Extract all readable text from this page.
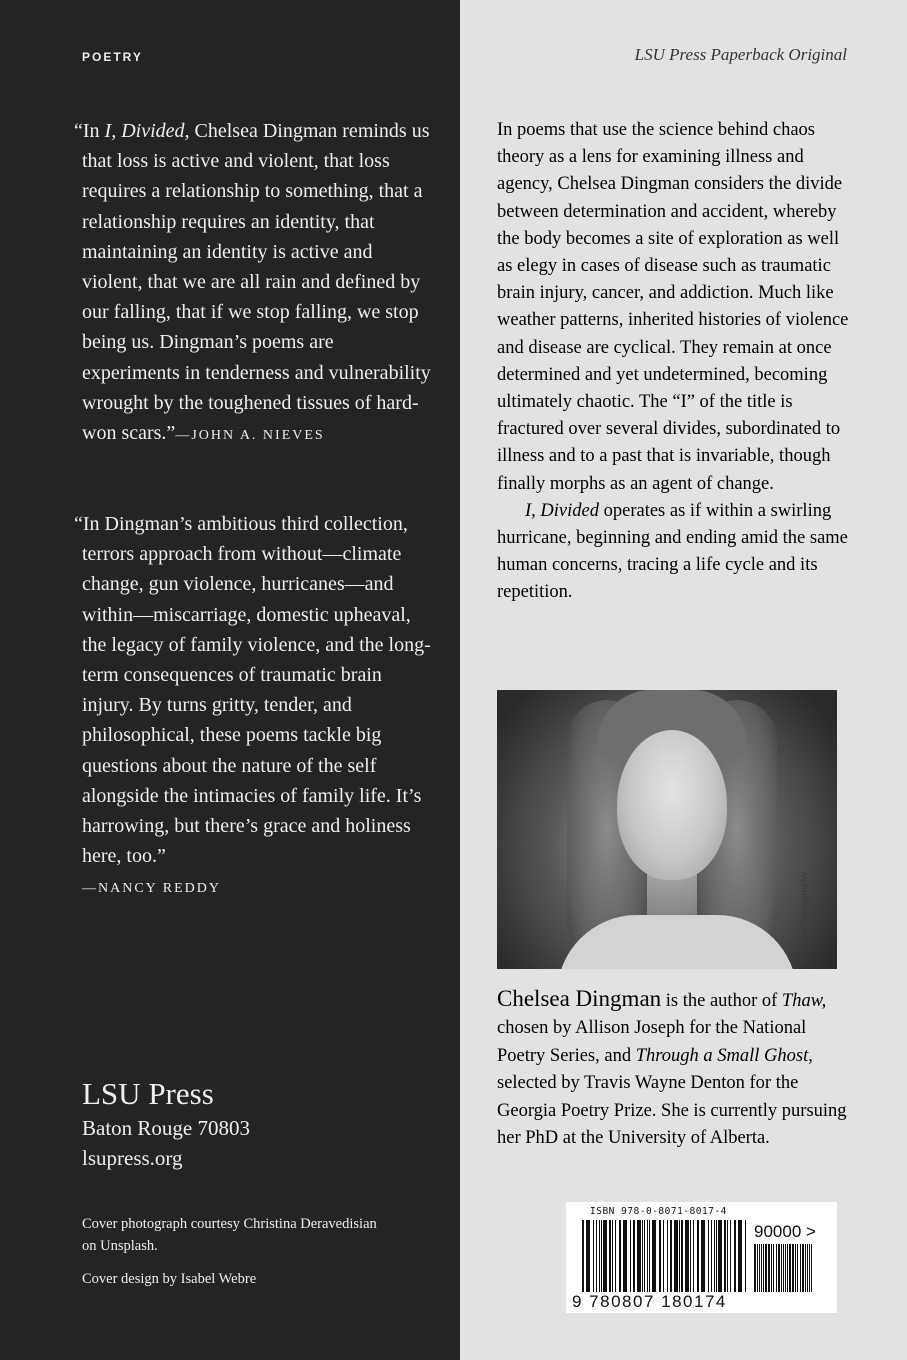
POETRY
“In I, Divided, Chelsea Dingman reminds us that loss is active and violent, that loss requires a relationship to something, that a relationship requires an identity, that maintaining an identity is active and violent, that we are all rain and defined by our falling, that if we stop falling, we stop being us. Dingman’s poems are experiments in tenderness and vulnerability wrought by the toughened tissues of hard-won scars.”—JOHN A. NIEVES
“In Dingman’s ambitious third collection, terrors approach from without—climate change, gun violence, hurricanes—and within—miscarriage, domestic upheaval, the legacy of family violence, and the long-term consequences of traumatic brain injury. By turns gritty, tender, and philosophical, these poems tackle big questions about the nature of the self alongside the intimacies of family life. It’s harrowing, but there’s grace and holiness here, too.”
—NANCY REDDY
LSU Press
Baton Rouge 70803
lsupress.org
Cover photograph courtesy Christina Deravedisian on Unsplash.
Cover design by Isabel Webre
LSU Press Paperback Original

In poems that use the science behind chaos theory as a lens for examining illness and agency, Chelsea Dingman considers the divide between determination and accident, whereby the body becomes a site of exploration as well as elegy in cases of disease such as traumatic brain injury, cancer, and addiction. Much like weather patterns, inherited histories of violence and disease are cyclical. They remain at once determined and yet undetermined, becoming ultimately chaotic. The “I” of the title is fractured over several divides, subordinated to illness and to a past that is invariable, though finally morphs as an agent of change.

I, Divided operates as if within a swirling hurricane, beginning and ending amid the same human concerns, tracing a life cycle and its repetition.

Agostini Photography
Chelsea Dingman is the author of Thaw, chosen by Allison Joseph for the National Poetry Series, and Through a Small Ghost, selected by Travis Wayne Denton for the Georgia Poetry Prize. She is currently pursuing her PhD at the University of Alberta.
ISBN 978-0-8071-8017-4
90000 >
9 780807 180174
